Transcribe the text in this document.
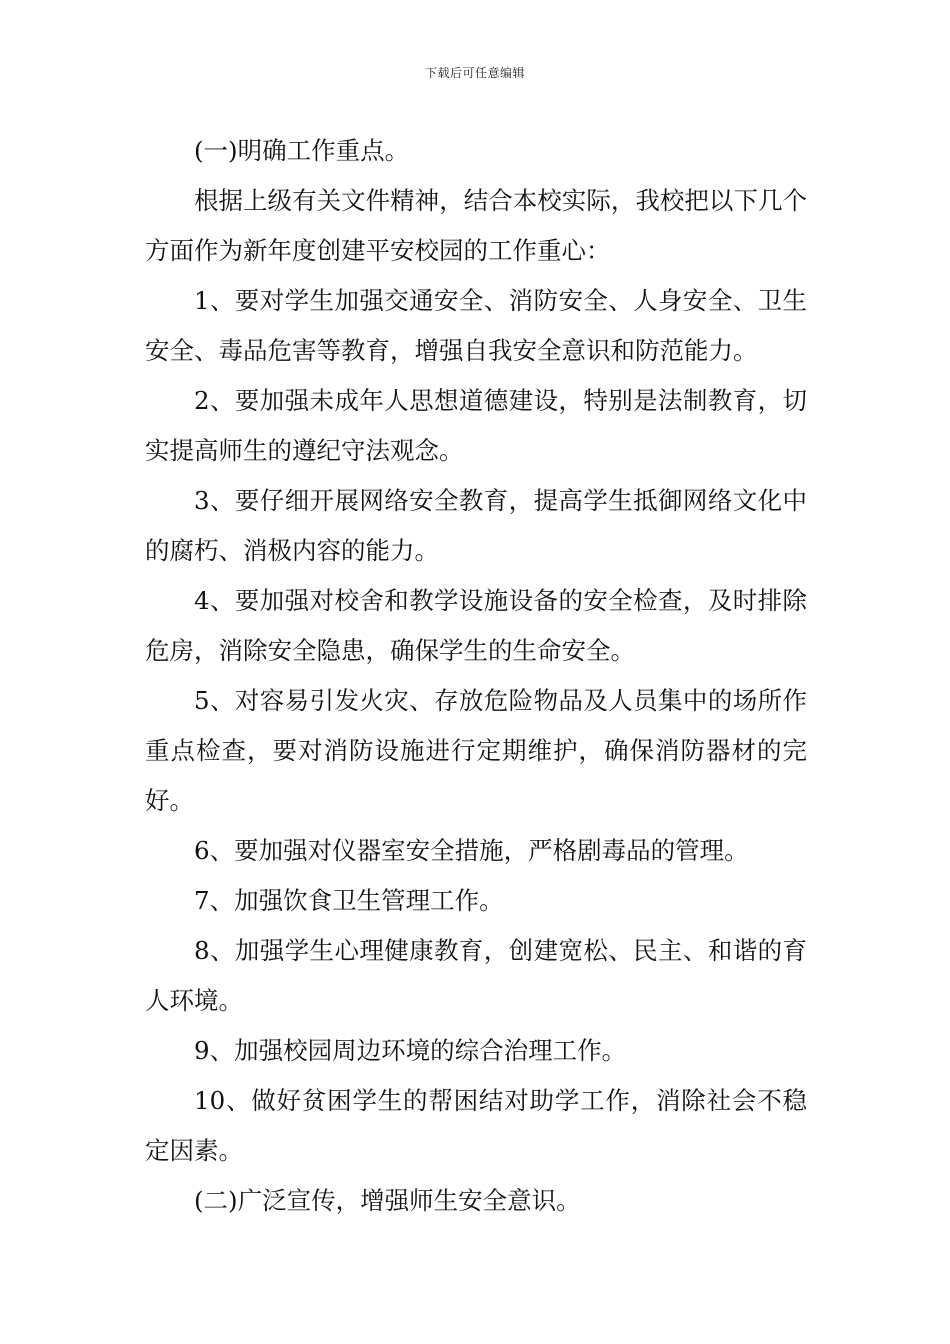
下载后可任意编辑

(一)明确工作重点。

根据上级有关文件精神，结合本校实际，我校把以下几个方面作为新年度创建平安校园的工作重心：

1、要对学生加强交通安全、消防安全、人身安全、卫生安全、毒品危害等教育，增强自我安全意识和防范能力。

2、要加强未成年人思想道德建设，特别是法制教育，切实提高师生的遵纪守法观念。

3、要仔细开展网络安全教育，提高学生抵御网络文化中的腐朽、消极内容的能力。

4、要加强对校舍和教学设施设备的安全检查，及时排除危房，消除安全隐患，确保学生的生命安全。

5、对容易引发火灾、存放危险物品及人员集中的场所作重点检查，要对消防设施进行定期维护，确保消防器材的完好。

6、要加强对仪器室安全措施，严格剧毒品的管理。

7、加强饮食卫生管理工作。

8、加强学生心理健康教育，创建宽松、民主、和谐的育人环境。

9、加强校园周边环境的综合治理工作。

10、做好贫困学生的帮困结对助学工作，消除社会不稳定因素。

(二)广泛宣传，增强师生安全意识。
